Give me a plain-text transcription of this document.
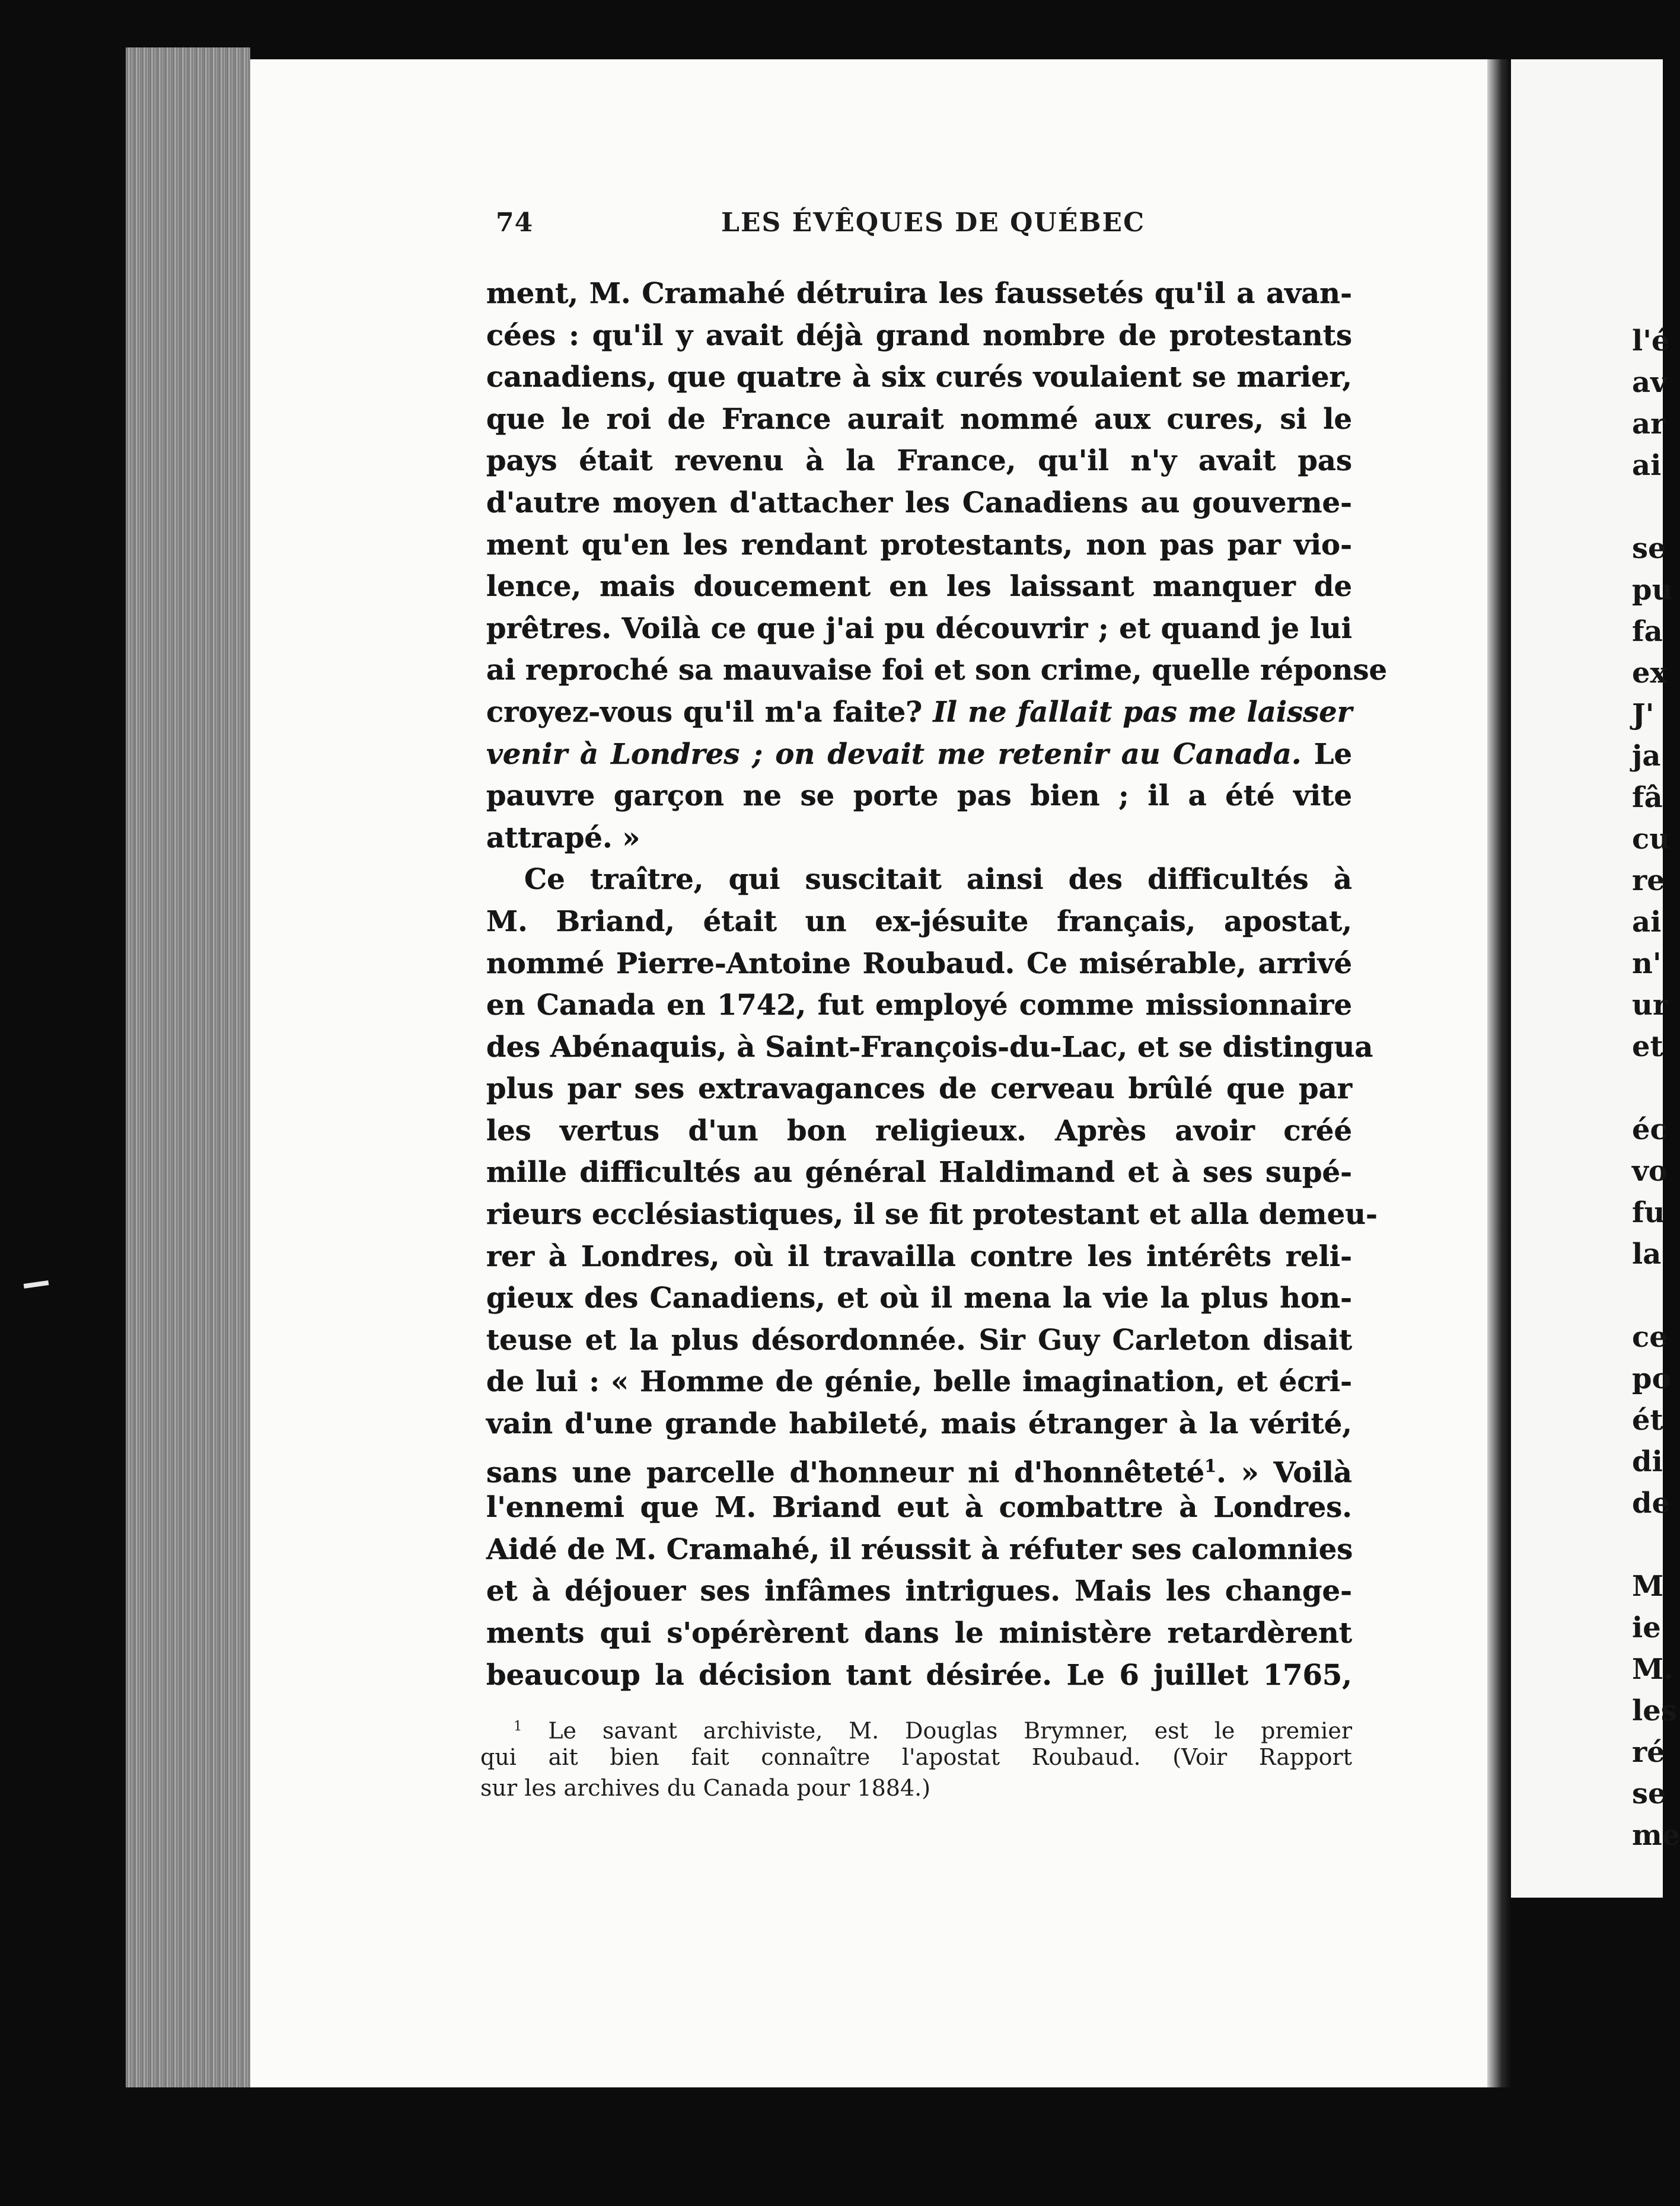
74	LES ÉVÊQUES DE QUÉBEC
ment, M. Cramahé détruira les faussetés qu'il a avan-
cées : qu'il y avait déjà grand nombre de protestants
canadiens, que quatre à six curés voulaient se marier,
que le roi de France aurait nommé aux cures, si le
pays était revenu à la France, qu'il n'y avait pas
d'autre moyen d'attacher les Canadiens au gouverne-
ment qu'en les rendant protestants, non pas par vio-
lence, mais doucement en les laissant manquer de
prêtres. Voilà ce que j'ai pu découvrir ; et quand je lui
ai reproché sa mauvaise foi et son crime, quelle réponse
croyez-vous qu'il m'a faite? Il ne fallait pas me laisser
venir à Londres ; on devait me retenir au Canada. Le
pauvre garçon ne se porte pas bien ; il a été vite
attrapé. »
Ce traître, qui suscitait ainsi des difficultés à
M. Briand, était un ex-jésuite français, apostat,
nommé Pierre-Antoine Roubaud. Ce misérable, arrivé
en Canada en 1742, fut employé comme missionnaire
des Abénaquis, à Saint-François-du-Lac, et se distingua
plus par ses extravagances de cerveau brûlé que par
les vertus d'un bon religieux. Après avoir créé
mille difficultés au général Haldimand et à ses supé-
rieurs ecclésiastiques, il se fit protestant et alla demeu-
rer à Londres, où il travailla contre les intérêts reli-
gieux des Canadiens, et où il mena la vie la plus hon-
teuse et la plus désordonnée. Sir Guy Carleton disait
de lui : « Homme de génie, belle imagination, et écri-
vain d'une grande habileté, mais étranger à la vérité,
sans une parcelle d'honneur ni d'honnêteté$^1$. » Voilà
l'ennemi que M. Briand eut à combattre à Londres.
Aidé de M. Cramahé, il réussit à réfuter ses calomnies
et à déjouer ses infâmes intrigues. Mais les change-
ments qui s'opérèrent dans le ministère retardèrent
beaucoup la décision tant désirée. Le 6 juillet 1765,
$^1$ Le savant archiviste, M. Douglas Brymner, est le premier
qui ait bien fait connaître l'apostat Roubaud. (Voir Rapport
sur les archives du Canada pour 1884.)
l'é
av
ar
ai
se
pu
fa
ex
J'
ja
fâ
cu
re
ai
n'
ur
et
éc
vo
fu
la
ce
po
ét
di
de
M
ie
M.
les
ré
se
me
